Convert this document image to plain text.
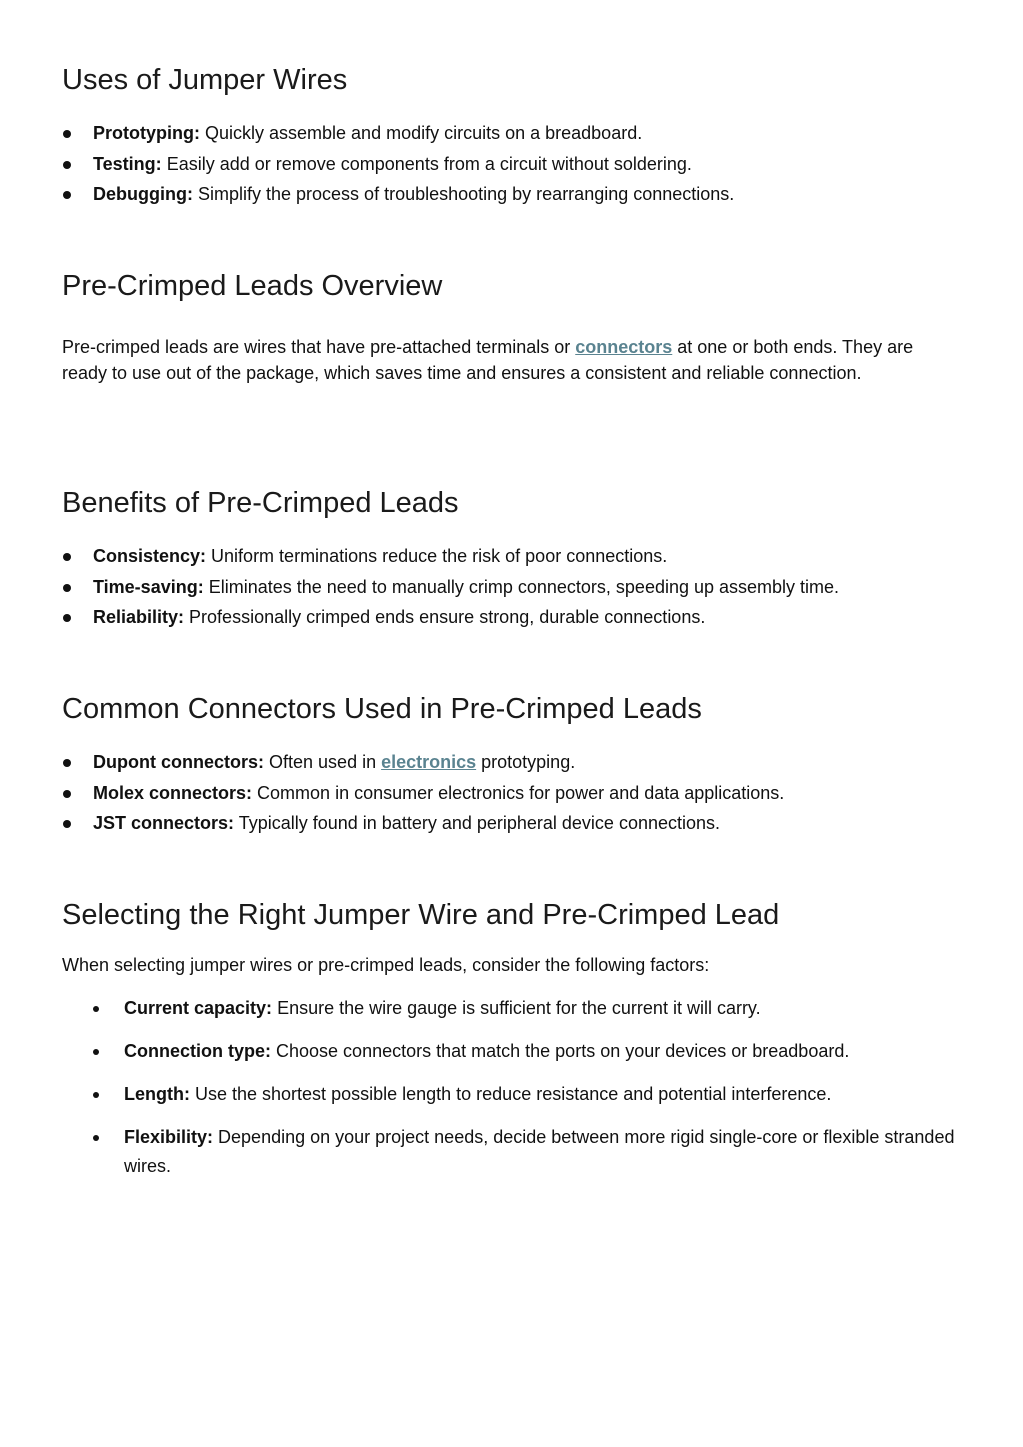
Uses of Jumper Wires
Prototyping: Quickly assemble and modify circuits on a breadboard.
Testing: Easily add or remove components from a circuit without soldering.
Debugging: Simplify the process of troubleshooting by rearranging connections.
Pre-Crimped Leads Overview

Pre-crimped leads are wires that have pre-attached terminals or connectors at one or both ends. They are ready to use out of the package, which saves time and ensures a consistent and reliable connection.

Benefits of Pre-Crimped Leads
Consistency: Uniform terminations reduce the risk of poor connections.
Time-saving: Eliminates the need to manually crimp connectors, speeding up assembly time.
Reliability: Professionally crimped ends ensure strong, durable connections.
Common Connectors Used in Pre-Crimped Leads
Dupont connectors: Often used in electronics prototyping.
Molex connectors: Common in consumer electronics for power and data applications.
JST connectors: Typically found in battery and peripheral device connections.
Selecting the Right Jumper Wire and Pre-Crimped Lead

When selecting jumper wires or pre-crimped leads, consider the following factors:

Current capacity: Ensure the wire gauge is sufficient for the current it will carry.
Connection type: Choose connectors that match the ports on your devices or breadboard.
Length: Use the shortest possible length to reduce resistance and potential interference.
Flexibility: Depending on your project needs, decide between more rigid single-core or flexible stranded wires.
